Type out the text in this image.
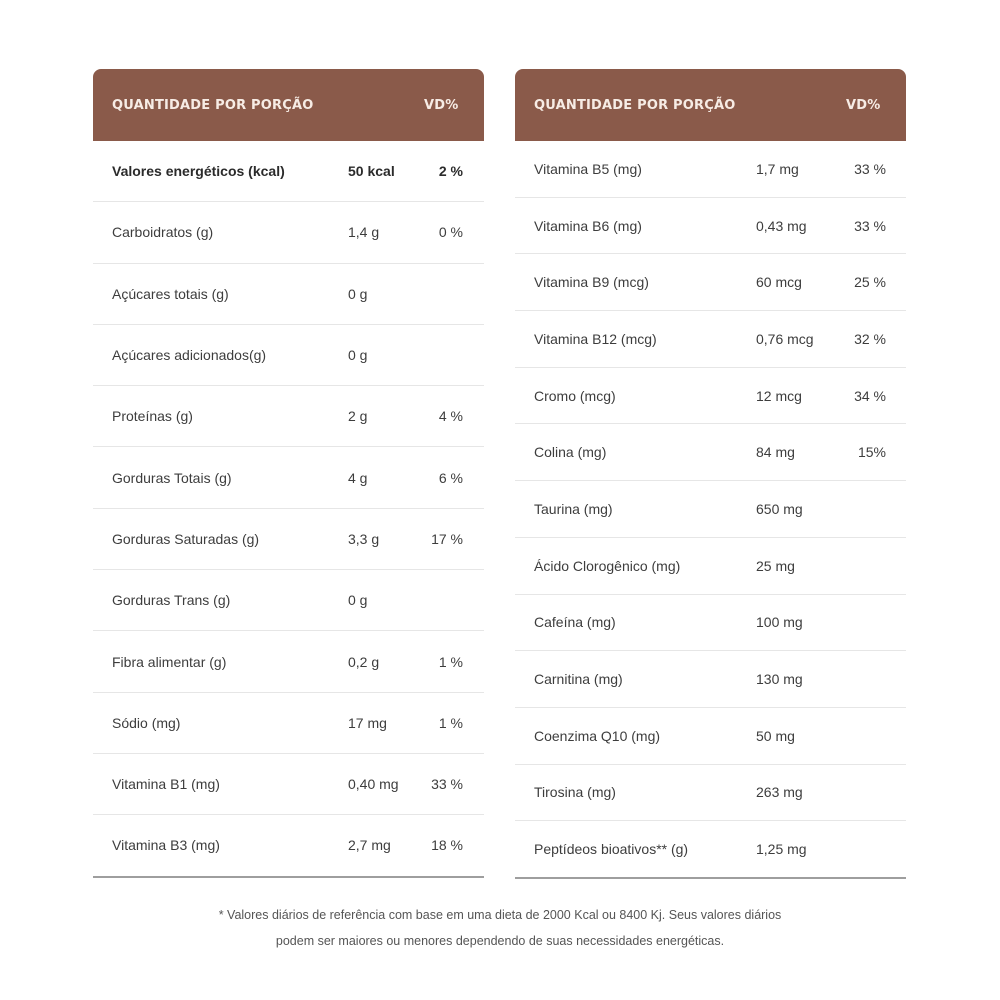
QUANTIDADE POR PORÇÃO	VD%
Valores energéticos (kcal)	50 kcal	2 %
Carboidratos (g)	1,4 g	0 %
Açúcares totais (g)	0 g
Açúcares adicionados(g)	0 g
Proteínas (g)	2 g	4 %
Gorduras Totais (g)	4 g	6 %
Gorduras Saturadas (g)	3,3 g	17 %
Gorduras Trans (g)	0 g
Fibra alimentar (g)	0,2 g	1 %
Sódio (mg)	17 mg	1 %
Vitamina B1 (mg)	0,40 mg	33 %
Vitamina B3 (mg)	2,7 mg	18 %
QUANTIDADE POR PORÇÃO	VD%
Vitamina B5 (mg)	1,7 mg	33 %
Vitamina B6 (mg)	0,43 mg	33 %
Vitamina B9 (mcg)	60 mcg	25 %
Vitamina B12 (mcg)	0,76 mcg	32 %
Cromo (mcg)	12 mcg	34 %
Colina (mg)	84 mg	15%
Taurina (mg)	650 mg
Ácido Clorogênico (mg)	25 mg
Cafeína (mg)	100 mg
Carnitina (mg)	130 mg
Coenzima Q10 (mg)	50 mg
Tirosina (mg)	263 mg
Peptídeos bioativos** (g)	1,25 mg
* Valores diários de referência com base em uma dieta de 2000 Kcal ou 8400 Kj. Seus valores diários
podem ser maiores ou menores dependendo de suas necessidades energéticas.
